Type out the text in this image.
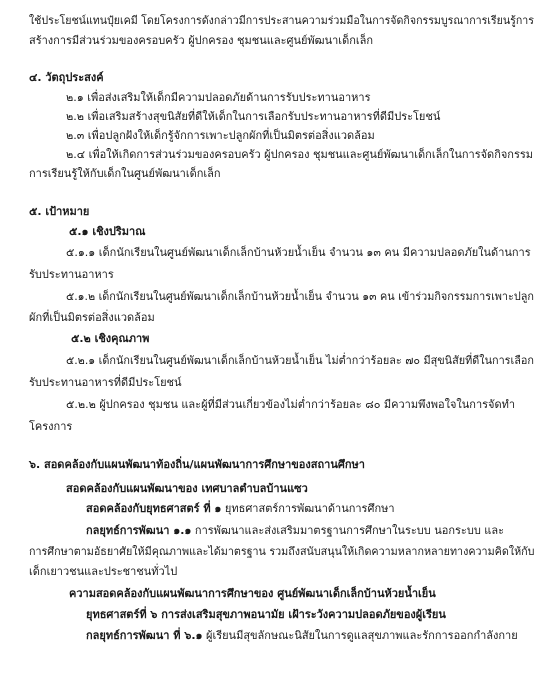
ใช้ประโยชน์แทนปุ๋ยเคมี โดยโครงการดังกล่าวมีการประสานความร่วมมือในการจัดกิจกรรมบูรณาการเรียนรู้การ
สร้างการมีส่วนร่วมของครอบครัว ผู้ปกครอง ชุมชนและศูนย์พัฒนาเด็กเล็ก
๔. วัตถุประสงค์
๒.๑ เพื่อส่งเสริมให้เด็กมีความปลอดภัยด้านการรับประทานอาหาร
๒.๒ เพื่อเสริมสร้างสุขนิสัยที่ดีให้เด็กในการเลือกรับประทานอาหารที่ดีมีประโยชน์
๒.๓ เพื่อปลูกฝังให้เด็กรู้จักการเพาะปลูกผักที่เป็นมิตรต่อสิ่งแวดล้อม
๒.๔ เพื่อให้เกิดการส่วนร่วมของครอบครัว ผู้ปกครอง ชุมชนและศูนย์พัฒนาเด็กเล็กในการจัดกิจกรรม
การเรียนรู้ให้กับเด็กในศูนย์พัฒนาเด็กเล็ก
๕. เป้าหมาย
๕.๑ เชิงปริมาณ
๕.๑.๑ เด็กนักเรียนในศูนย์พัฒนาเด็กเล็กบ้านห้วยน้ำเย็น จำนวน ๑๓ คน มีความปลอดภัยในด้านการ
รับประทานอาหาร
๕.๑.๒ เด็กนักเรียนในศูนย์พัฒนาเด็กเล็กบ้านห้วยน้ำเย็น จำนวน ๑๓ คน เข้าร่วมกิจกรรมการเพาะปลูก
ผักที่เป็นมิตรต่อสิ่งแวดล้อม
๕.๒ เชิงคุณภาพ
๕.๒.๑ เด็กนักเรียนในศูนย์พัฒนาเด็กเล็กบ้านห้วยน้ำเย็น ไม่ต่ำกว่าร้อยละ ๗๐ มีสุขนิสัยที่ดีในการเลือก
รับประทานอาหารที่ดีมีประโยชน์
๕.๒.๒ ผู้ปกครอง ชุมชน และผู้ที่มีส่วนเกี่ยวข้องไม่ต่ำกว่าร้อยละ ๘๐ มีความพึงพอใจในการจัดทำ
โครงการ
๖. สอดคล้องกับแผนพัฒนาท้องถิ่น/แผนพัฒนาการศึกษาของสถานศึกษา
สอดคล้องกับแผนพัฒนาของ เทศบาลตำบลบ้านแซว
สอดคล้องกับยุทธศาสตร์ ที่ ๑ ยุทธศาสตร์การพัฒนาด้านการศึกษา
กลยุทธ์การพัฒนา ๑.๑ การพัฒนาและส่งเสริมมาตรฐานการศึกษาในระบบ นอกระบบ และ
การศึกษาตามอัธยาศัยให้มีคุณภาพและได้มาตรฐาน รวมถึงสนับสนุนให้เกิดความหลากหลายทางความคิดให้กับ
เด็กเยาวชนและประชาชนทั่วไป
ความสอดคล้องกับแผนพัฒนาการศึกษาของ ศูนย์พัฒนาเด็กเล็กบ้านห้วยน้ำเย็น
ยุทธศาสตร์ที่ ๖ การส่งเสริมสุขภาพอนามัย เฝ้าระวังความปลอดภัยของผู้เรียน
กลยุทธ์การพัฒนา ที่ ๖.๑ ผู้เรียนมีสุขลักษณะนิสัยในการดูแลสุขภาพและรักการออกกำลังกาย
